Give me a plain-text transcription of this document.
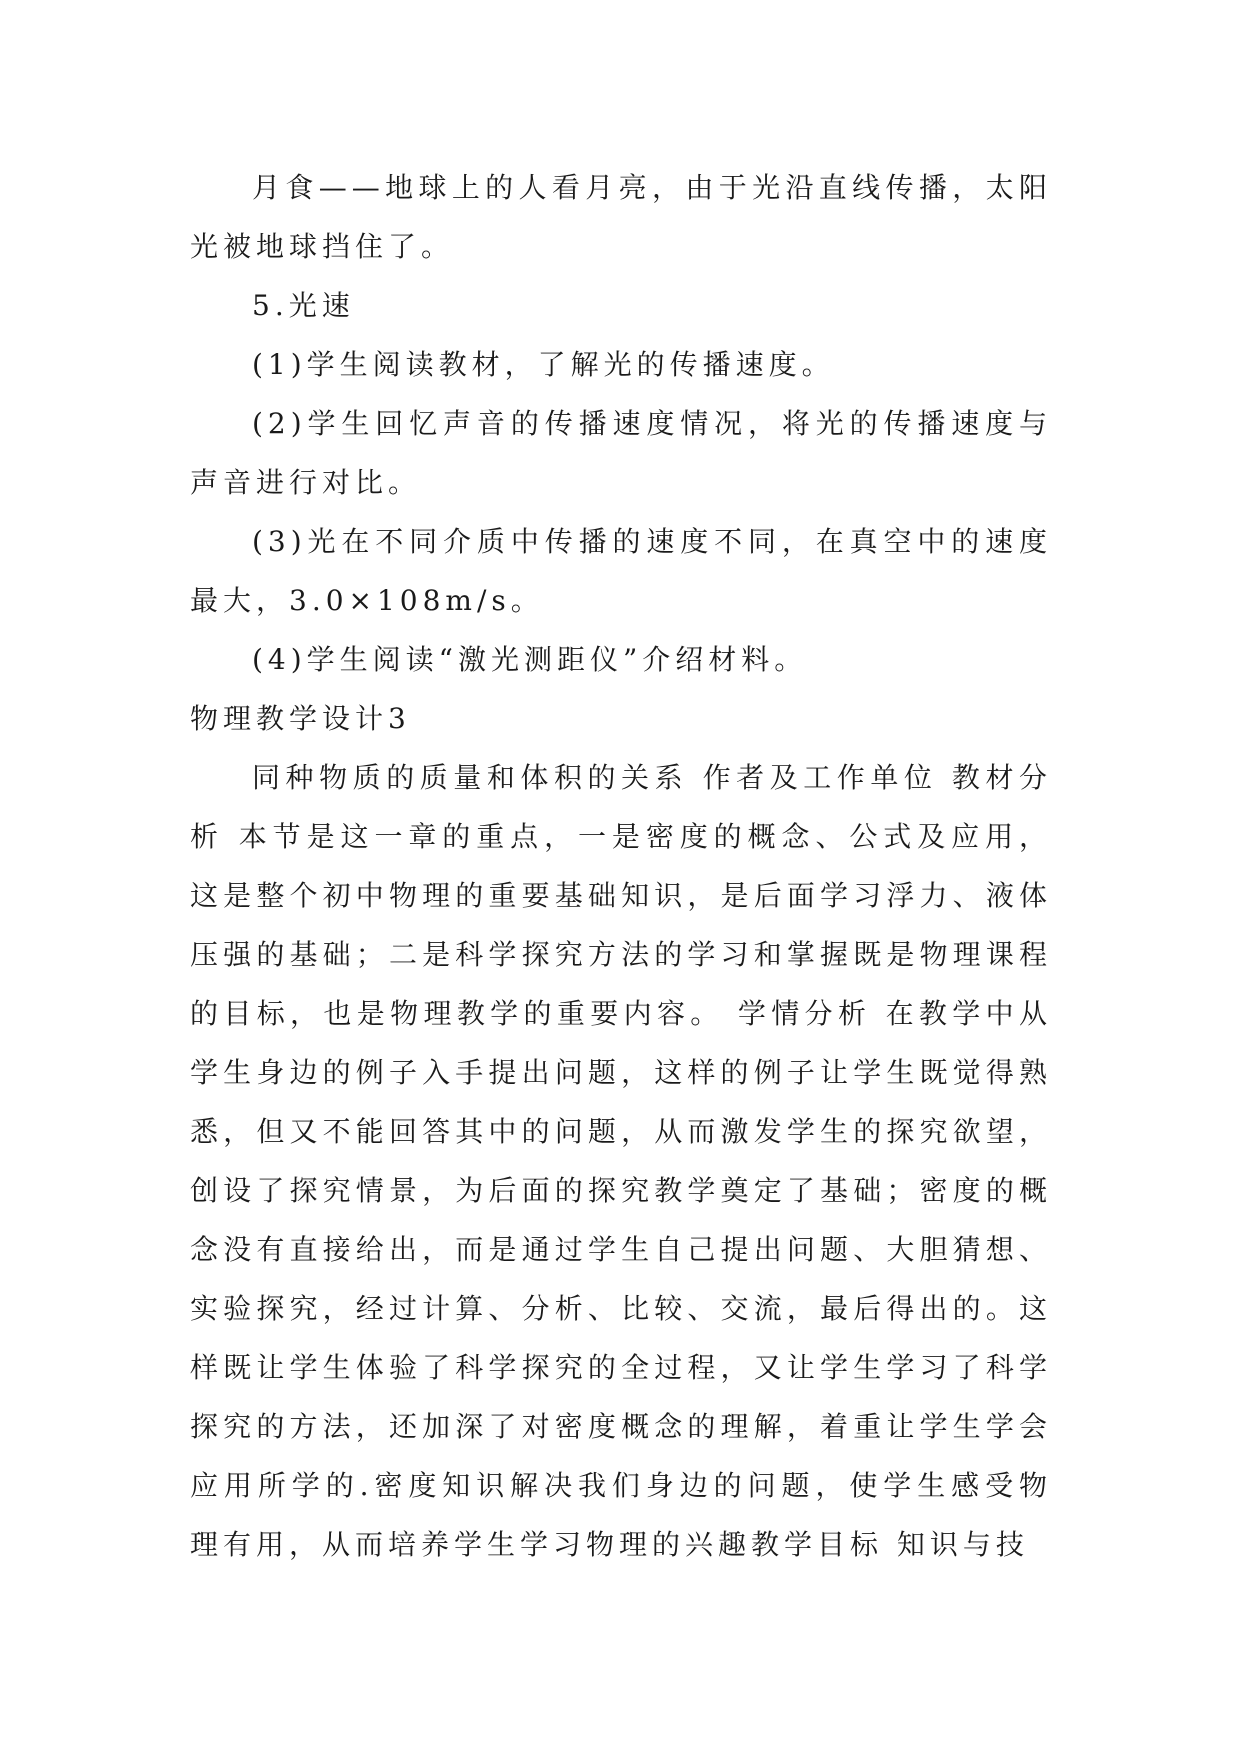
月食——地球上的人看月亮，由于光沿直线传播，太阳光被地球挡住了。

5.光速

(1)学生阅读教材，了解光的传播速度。

(2)学生回忆声音的传播速度情况，将光的传播速度与声音进行对比。

(3)光在不同介质中传播的速度不同，在真空中的速度最大，3.0×108m/s。

(4)学生阅读“激光测距仪”介绍材料。

物理教学设计3

同种物质的质量和体积的关系 作者及工作单位 教材分析 本节是这一章的重点，一是密度的概念、公式及应用，这是整个初中物理的重要基础知识，是后面学习浮力、液体压强的基础；二是科学探究方法的学习和掌握既是物理课程的目标，也是物理教学的重要内容。 学情分析 在教学中从学生身边的例子入手提出问题，这样的例子让学生既觉得熟悉，但又不能回答其中的问题，从而激发学生的探究欲望，创设了探究情景，为后面的探究教学奠定了基础；密度的概念没有直接给出，而是通过学生自己提出问题、大胆猜想、实验探究，经过计算、分析、比较、交流，最后得出的。这样既让学生体验了科学探究的全过程，又让学生学习了科学探究的方法，还加深了对密度概念的理解，着重让学生学会应用所学的.密度知识解决我们身边的问题，使学生感受物理有用，从而培养学生学习物理的兴趣教学目标 知识与技
